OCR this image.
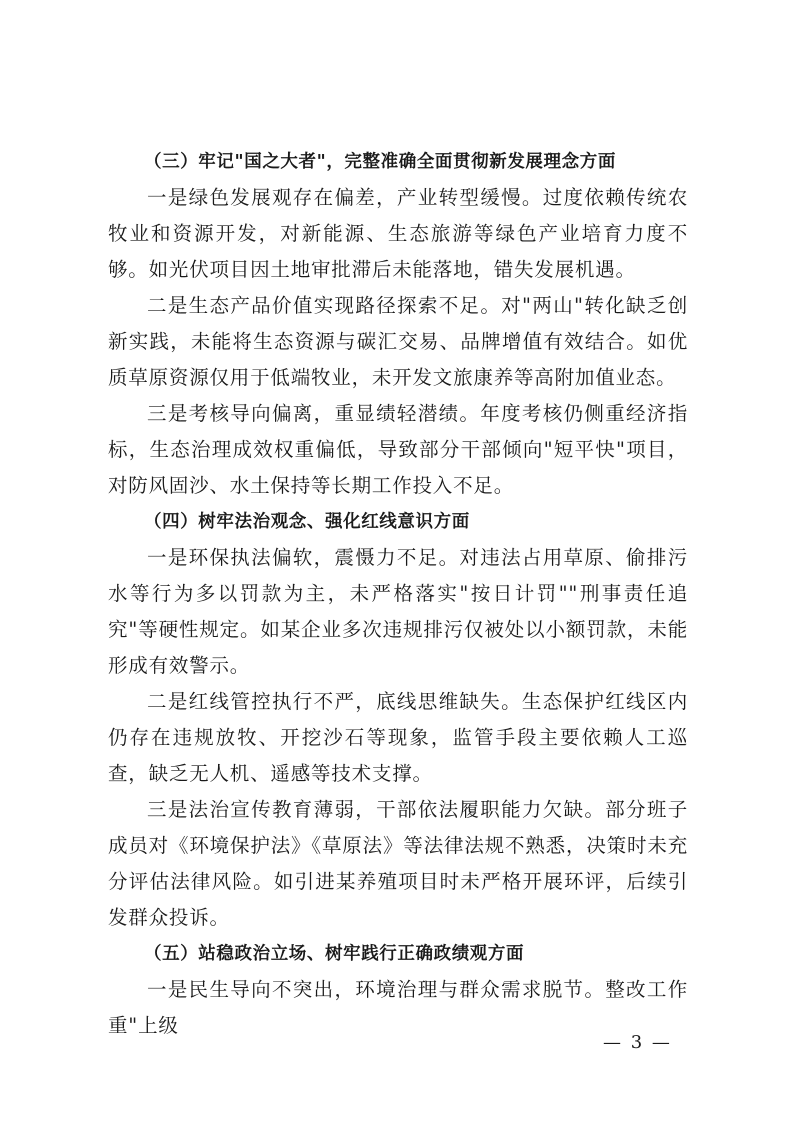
（三）牢记"国之大者"，完整准确全面贯彻新发展理念方面

一是绿色发展观存在偏差，产业转型缓慢。过度依赖传统农牧业和资源开发，对新能源、生态旅游等绿色产业培育力度不够。如光伏项目因土地审批滞后未能落地，错失发展机遇。

二是生态产品价值实现路径探索不足。对"两山"转化缺乏创新实践，未能将生态资源与碳汇交易、品牌增值有效结合。如优质草原资源仅用于低端牧业，未开发文旅康养等高附加值业态。

三是考核导向偏离，重显绩轻潜绩。年度考核仍侧重经济指标，生态治理成效权重偏低，导致部分干部倾向"短平快"项目，对防风固沙、水土保持等长期工作投入不足。

（四）树牢法治观念、强化红线意识方面

一是环保执法偏软，震慑力不足。对违法占用草原、偷排污水等行为多以罚款为主，未严格落实"按日计罚""刑事责任追究"等硬性规定。如某企业多次违规排污仅被处以小额罚款，未能形成有效警示。

二是红线管控执行不严，底线思维缺失。生态保护红线区内仍存在违规放牧、开挖沙石等现象，监管手段主要依赖人工巡查，缺乏无人机、遥感等技术支撑。

三是法治宣传教育薄弱，干部依法履职能力欠缺。部分班子成员对《环境保护法》《草原法》等法律法规不熟悉，决策时未充分评估法律风险。如引进某养殖项目时未严格开展环评，后续引发群众投诉。

（五）站稳政治立场、树牢践行正确政绩观方面

一是民生导向不突出，环境治理与群众需求脱节。整改工作重"上级

— 3 —
